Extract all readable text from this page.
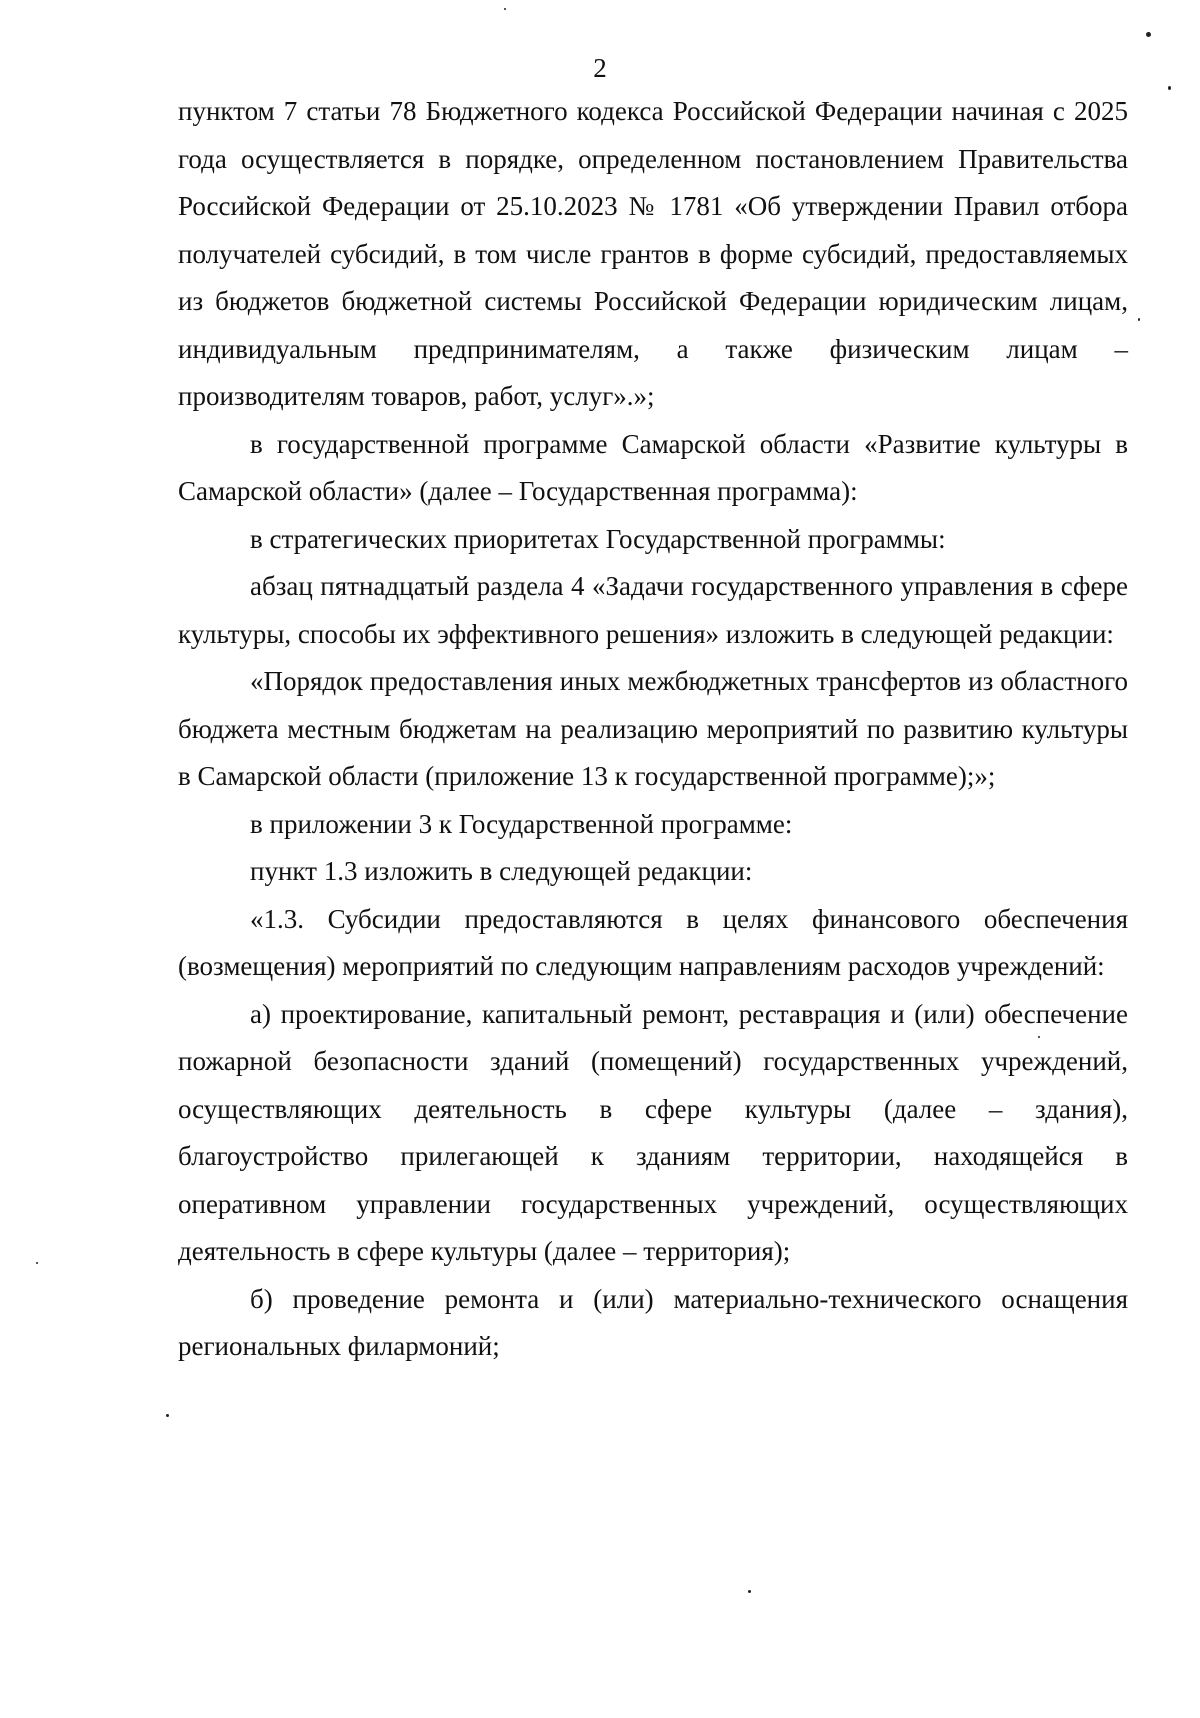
2

пунктом 7 статьи 78 Бюджетного кодекса Российской Федерации начиная с 2025 года осуществляется в порядке, определенном постановлением Правительства Российской Федерации от 25.10.2023 № 1781 «Об утверждении Правил отбора получателей субсидий, в том числе грантов в форме субсидий, предоставляемых из бюджетов бюджетной системы Российской Федерации юридическим лицам, индивидуальным предпринимателям, а также физическим лицам – производителям товаров, работ, услуг».»;

в государственной программе Самарской области «Развитие культуры в Самарской области» (далее – Государственная программа):

в стратегических приоритетах Государственной программы:

абзац пятнадцатый раздела 4 «Задачи государственного управления в сфере культуры, способы их эффективного решения» изложить в следующей редакции:

«Порядок предоставления иных межбюджетных трансфертов из областного бюджета местным бюджетам на реализацию мероприятий по развитию культуры в Самарской области (приложение 13 к государственной программе);»;

в приложении 3 к Государственной программе:

пункт 1.3 изложить в следующей редакции:

«1.3. Субсидии предоставляются в целях финансового обеспечения (возмещения) мероприятий по следующим направлениям расходов учреждений:

а) проектирование, капитальный ремонт, реставрация и (или) обеспечение пожарной безопасности зданий (помещений) государственных учреждений, осуществляющих деятельность в сфере культуры (далее – здания), благоустройство прилегающей к зданиям территории, находящейся в оперативном управлении государственных учреждений, осуществляющих деятельность в сфере культуры (далее – территория);

б) проведение ремонта и (или) материально-технического оснащения региональных филармоний;
